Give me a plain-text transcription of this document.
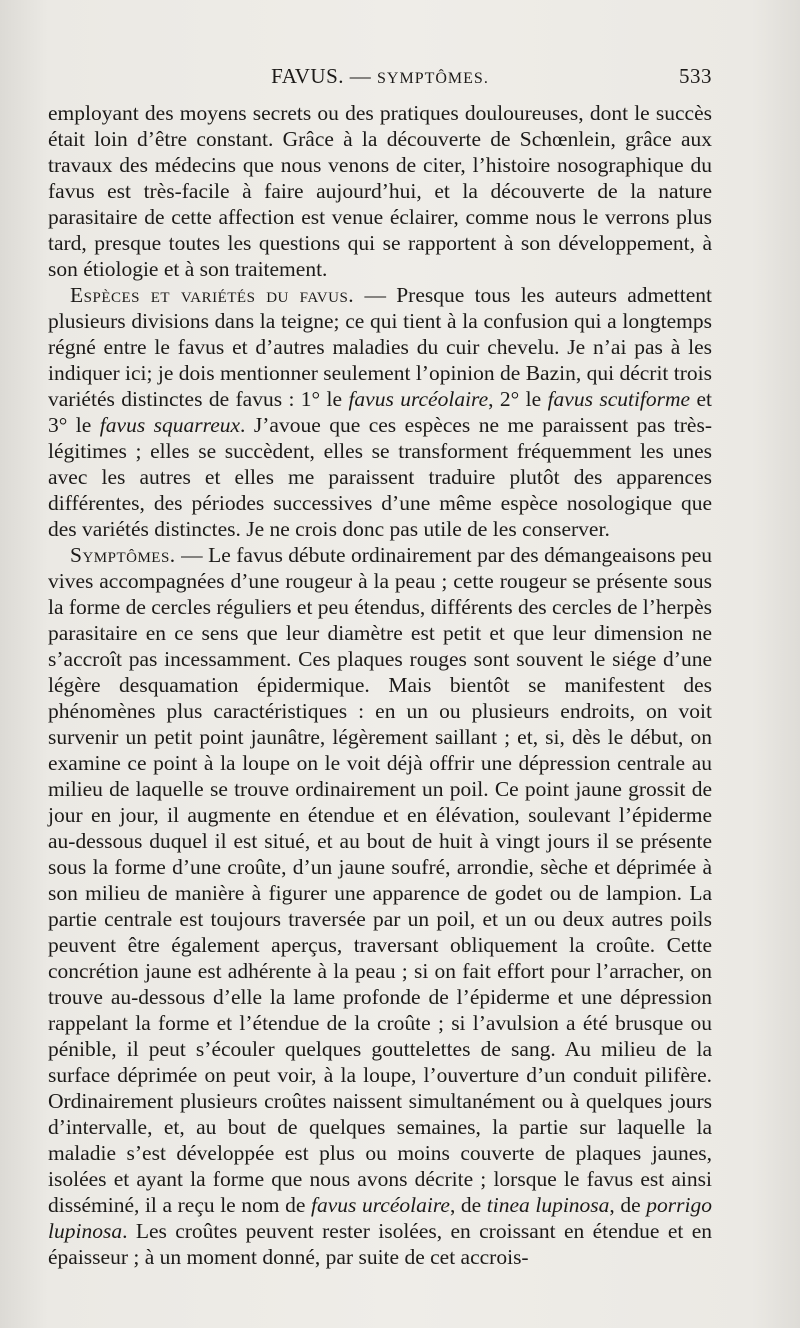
FAVUS. — SYMPTÔMES.	533

employant des moyens secrets ou des pratiques douloureuses, dont le succès était loin d’être constant. Grâce à la découverte de Schœnlein, grâce aux travaux des médecins que nous venons de citer, l’histoire nosographique du favus est très-facile à faire aujourd’hui, et la découverte de la nature parasitaire de cette affection est venue éclairer, comme nous le verrons plus tard, presque toutes les questions qui se rapportent à son développement, à son étiologie et à son traitement.

Espèces et variétés du favus. — Presque tous les auteurs admettent plusieurs divisions dans la teigne; ce qui tient à la confusion qui a longtemps régné entre le favus et d’autres maladies du cuir chevelu. Je n’ai pas à les indiquer ici; je dois mentionner seulement l’opinion de Bazin, qui décrit trois variétés distinctes de favus : 1° le favus urcéolaire, 2° le favus scutiforme et 3° le favus squarreux. J’avoue que ces espèces ne me paraissent pas très-légitimes ; elles se succèdent, elles se transforment fréquemment les unes avec les autres et elles me paraissent traduire plutôt des apparences différentes, des périodes successives d’une même espèce nosologique que des variétés distinctes. Je ne crois donc pas utile de les conserver.

Symptômes. — Le favus débute ordinairement par des démangeaisons peu vives accompagnées d’une rougeur à la peau ; cette rougeur se présente sous la forme de cercles réguliers et peu étendus, différents des cercles de l’herpès parasitaire en ce sens que leur diamètre est petit et que leur dimension ne s’accroît pas incessamment. Ces plaques rouges sont souvent le siége d’une légère desquamation épidermique. Mais bientôt se manifestent des phénomènes plus caractéristiques : en un ou plusieurs endroits, on voit survenir un petit point jaunâtre, légèrement saillant ; et, si, dès le début, on examine ce point à la loupe on le voit déjà offrir une dépression centrale au milieu de laquelle se trouve ordinairement un poil. Ce point jaune grossit de jour en jour, il augmente en étendue et en élévation, soulevant l’épiderme au-dessous duquel il est situé, et au bout de huit à vingt jours il se présente sous la forme d’une croûte, d’un jaune soufré, arrondie, sèche et déprimée à son milieu de manière à figurer une apparence de godet ou de lampion. La partie centrale est toujours traversée par un poil, et un ou deux autres poils peuvent être également aperçus, traversant obliquement la croûte. Cette concrétion jaune est adhérente à la peau ; si on fait effort pour l’arracher, on trouve au-dessous d’elle la lame profonde de l’épiderme et une dépression rappelant la forme et l’étendue de la croûte ; si l’avulsion a été brusque ou pénible, il peut s’écouler quelques gouttelettes de sang. Au milieu de la surface déprimée on peut voir, à la loupe, l’ouverture d’un conduit pilifère. Ordinairement plusieurs croûtes naissent simultanément ou à quelques jours d’intervalle, et, au bout de quelques semaines, la partie sur laquelle la maladie s’est développée est plus ou moins couverte de plaques jaunes, isolées et ayant la forme que nous avons décrite ; lorsque le favus est ainsi disséminé, il a reçu le nom de favus urcéolaire, de tinea lupinosa, de porrigo lupinosa. Les croûtes peuvent rester isolées, en croissant en étendue et en épaisseur ; à un moment donné, par suite de cet accrois-
